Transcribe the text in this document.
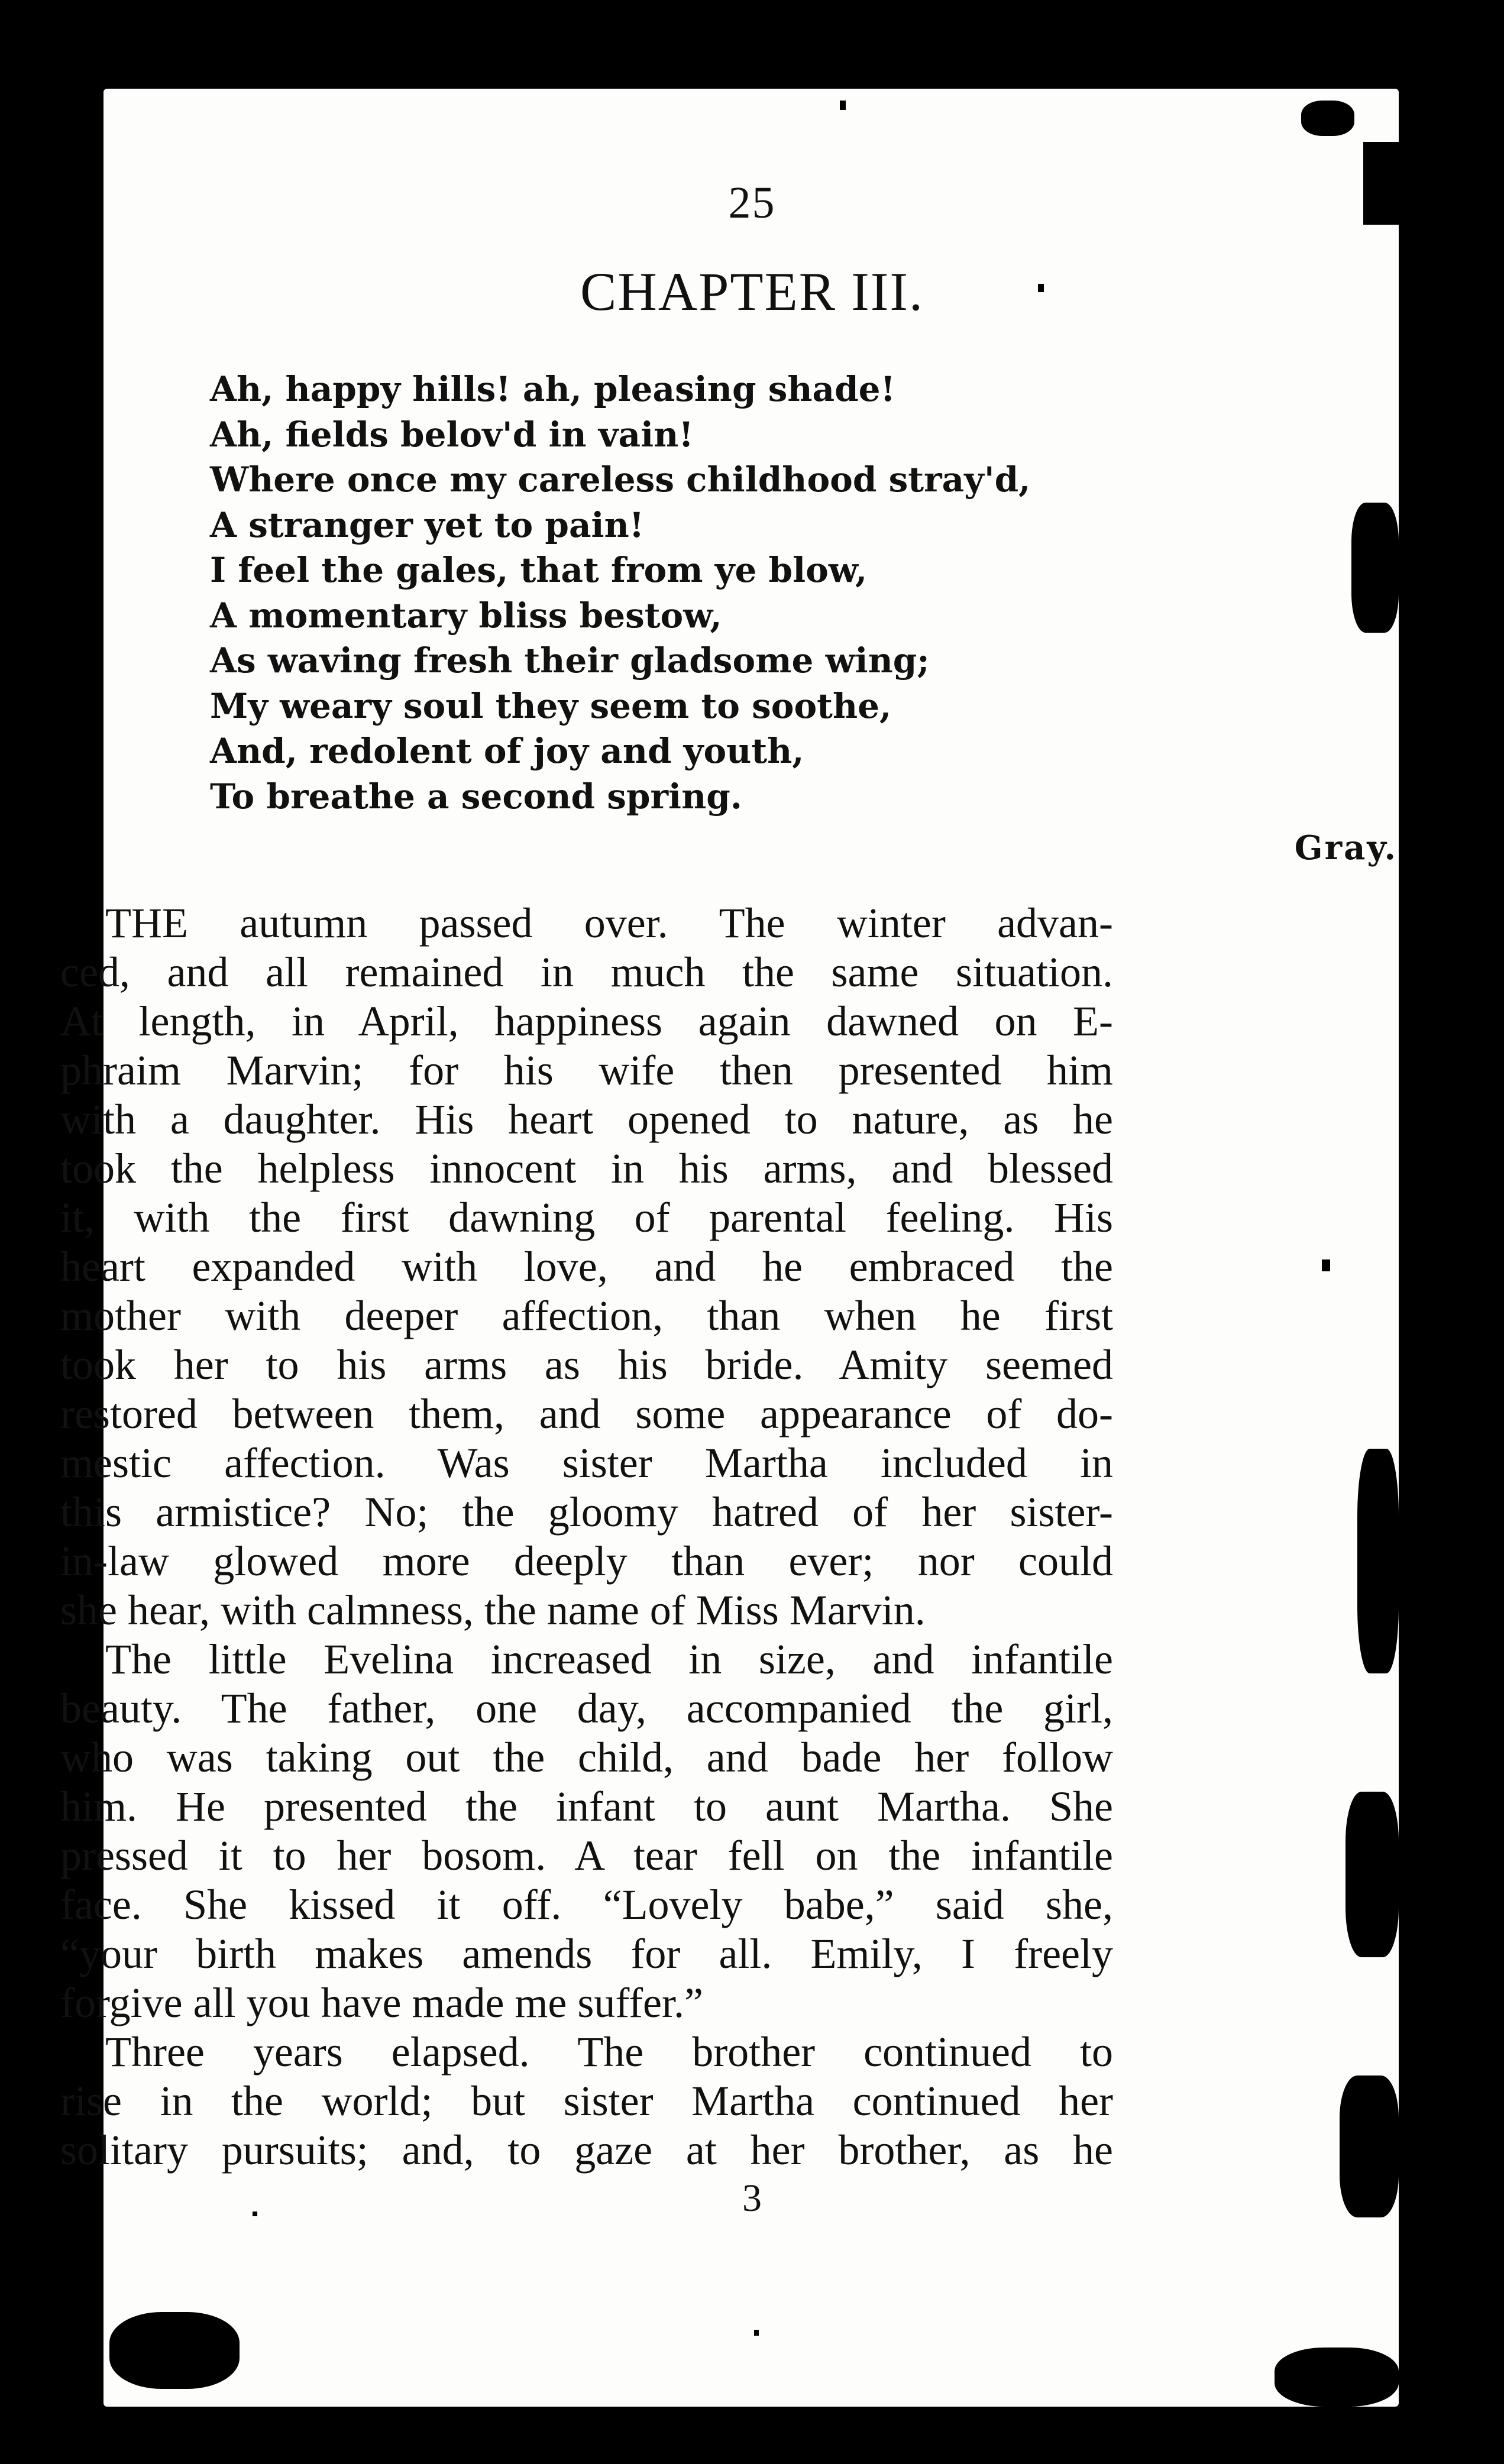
25
CHAPTER III.
Ah, happy hills! ah, pleasing shade!
Ah, fields belov'd in vain!
Where once my careless childhood stray'd,
A stranger yet to pain!
I feel the gales, that from ye blow,
A momentary bliss bestow,
As waving fresh their gladsome wing;
My weary soul they seem to soothe,
And, redolent of joy and youth,
To breathe a second spring.
Gray.
THE autumn passed over. The winter advan-
ced, and all remained in much the same situation.
At length, in April, happiness again dawned on E-
phraim Marvin; for his wife then presented him
with a daughter. His heart opened to nature, as he
took the helpless innocent in his arms, and blessed
it, with the first dawning of parental feeling. His
heart expanded with love, and he embraced the
mother with deeper affection, than when he first
took her to his arms as his bride. Amity seemed
restored between them, and some appearance of do-
mestic affection. Was sister Martha included in
this armistice? No; the gloomy hatred of her sister-
in-law glowed more deeply than ever; nor could
she hear, with calmness, the name of Miss Marvin.
The little Evelina increased in size, and infantile
beauty. The father, one day, accompanied the girl,
who was taking out the child, and bade her follow
him. He presented the infant to aunt Martha. She
pressed it to her bosom. A tear fell on the infantile
face. She kissed it off. “Lovely babe,” said she,
“your birth makes amends for all. Emily, I freely
forgive all you have made me suffer.”
Three years elapsed. The brother continued to
rise in the world; but sister Martha continued her
solitary pursuits; and, to gaze at her brother, as he
3
